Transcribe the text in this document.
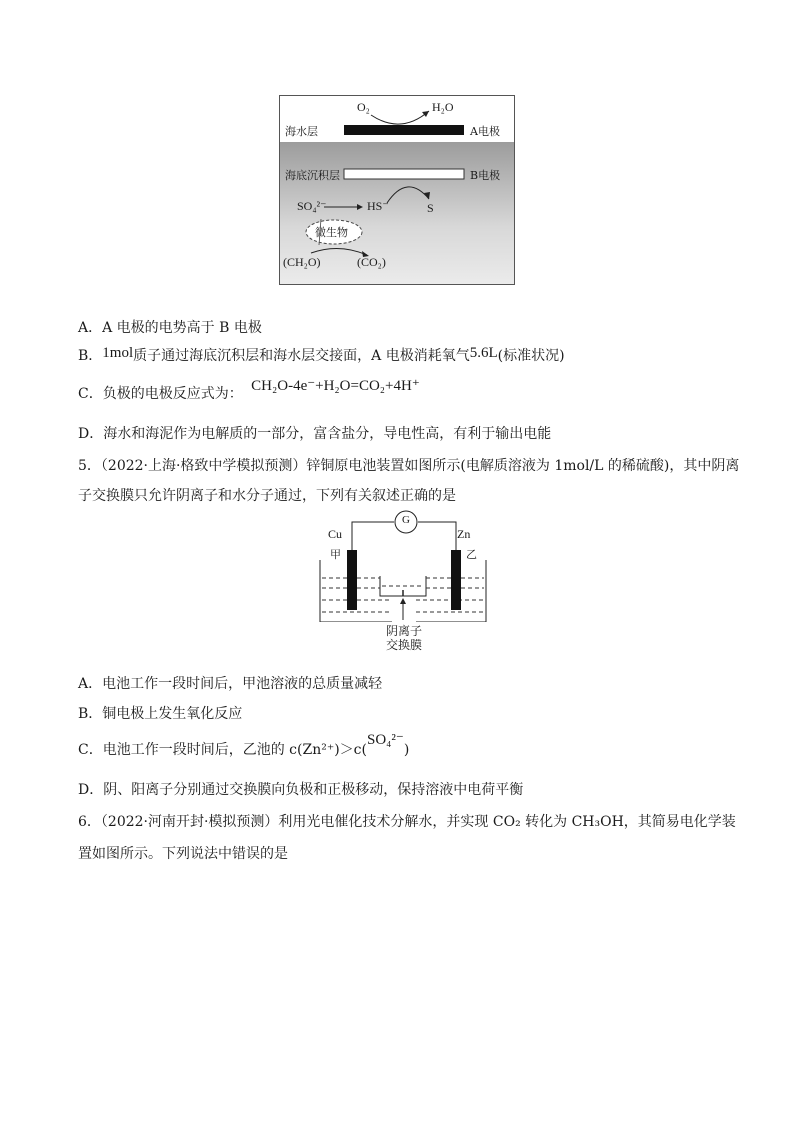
O₂	H₂O
海水层	A电极
海底沉积层	B电极
SO₄²⁻	HS⁻	S
微生物
(CH₂O)	(CO₂)
A．A 电极的电势高于 B 电极
B．1mol质子通过海底沉积层和海水层交接面，A 电极消耗氧气5.6L(标准状况)
C．负极的电极反应式为： CH₂O-4e⁻+H₂O=CO₂+4H⁺
D．海水和海泥作为电解质的一部分，富含盐分，导电性高，有利于输出电能
5．（2022·上海·格致中学模拟预测）锌铜原电池装置如图所示(电解质溶液为 1mol/L 的稀硫酸)，其中阴离
子交换膜只允许阴离子和水分子通过，下列有关叙述正确的是
Cu	Zn
G
甲	乙
阴离子
交换膜
A．电池工作一段时间后，甲池溶液的总质量减轻
B．铜电极上发生氧化反应
C．电池工作一段时间后，乙池的 c(Zn²⁺)＞c(SO₄²⁻)
D．阴、阳离子分别通过交换膜向负极和正极移动，保持溶液中电荷平衡
6．（2022·河南开封·模拟预测）利用光电催化技术分解水，并实现 CO₂ 转化为 CH₃OH，其简易电化学装
置如图所示。下列说法中错误的是
